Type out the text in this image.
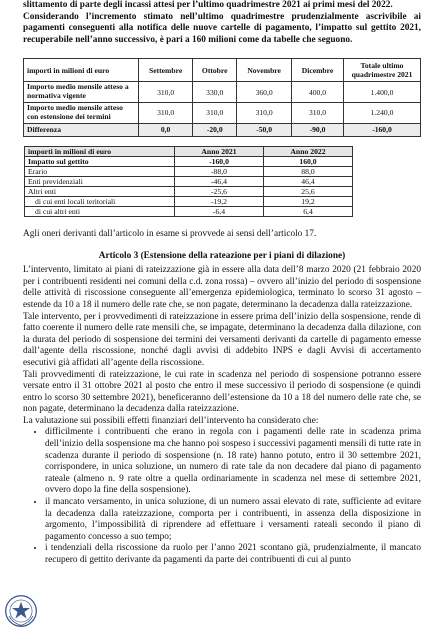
slittamento di parte degli incassi attesi per l’ultimo quadrimestre 2021 ai primi mesi del 2022.

Considerando l’incremento stimato nell’ultimo quadrimestre prudenzialmente ascrivibile ai pagamenti conseguenti alla notifica delle nuove cartelle di pagamento, l’impatto sul gettito 2021, recuperabile nell’anno successivo, è pari a 160 milioni come da tabelle che seguono.

importi in milioni di euro	Settembre	Ottobre	Novembre	Dicembre	Totale ultimo quadrimestre 2021
Importo medio mensile atteso a normativa vigente	310,0	330,0	360,0	400,0	1.400,0
Importo medio mensile atteso con estensione dei termini	310,0	310,0	310,0	310,0	1.240,0
Differenza	0,0	-20,0	-50,0	-90,0	-160,0
importi in milioni di euro	Anno 2021	Anno 2022
Impatto sul gettito	-160,0	160,0
Erario	-88,0	88,0
Enti previdenziali	-46,4	46,4
Altri enti	-25,6	25,6
di cui enti locali teritoriali	-19,2	19,2
di cui altri enti	-6,4	6,4

Agli oneri derivanti dall’articolo in esame si provvede ai sensi dell’articolo 17.

Articolo 3 (Estensione della rateazione per i piani di dilazione)

L’intervento, limitato ai piani di rateizzazione già in essere alla data dell’8 marzo 2020 (21 febbraio 2020 per i contribuenti residenti nei comuni della c.d. zona rossa) – ovvero all’inizio del periodo di sospensione delle attività di riscossione conseguente all’emergenza epidemiologica, terminato lo scorso 31 agosto – estende da 10 a 18 il numero delle rate che, se non pagate, determinano la decadenza dalla rateizzazione.

Tale intervento, per i provvedimenti di rateizzazione in essere prima dell’inizio della sospensione, rende di fatto coerente il numero delle rate mensili che, se impagate, determinano la decadenza dalla dilazione, con la durata del periodo di sospensione dei termini dei versamenti derivanti da cartelle di pagamento emesse dall’agente della riscossione, nonché dagli avvisi di addebito INPS e dagli Avvisi di accertamento esecutivi già affidati all’agente della riscossione.

Tali provvedimenti di rateizzazione, le cui rate in scadenza nel periodo di sospensione potranno essere versate entro il 31 ottobre 2021 al posto che entro il mese successivo il periodo di sospensione (e quindi entro lo scorso 30 settembre 2021), beneficeranno dell’estensione da 10 a 18 del numero delle rate che, se non pagate, determinano la decadenza dalla rateizzazione.

La valutazione sui possibili effetti finanziari dell’intervento ha considerato che:

• difficilmente i contribuenti che erano in regola con i pagamenti delle rate in scadenza prima dell’inizio della sospensione ma che hanno poi sospeso i successivi pagamenti mensili di tutte rate in scadenza durante il periodo di sospensione (n. 18 rate) hanno potuto, entro il 30 settembre 2021, corrispondere, in unica soluzione, un numero di rate tale da non decadere dal piano di pagamento rateale (almeno n. 9 rate oltre a quella ordinariamente in scadenza nel mese di settembre 2021, ovvero dopo la fine della sospensione).
• il mancato versamento, in unica soluzione, di un numero assai elevato di rate, sufficiente ad evitare la decadenza dalla rateizzazione, comporta per i contribuenti, in assenza della disposizione in argomento, l’impossibilità di riprendere ad effettuare i versamenti rateali secondo il piano di pagamento concesso a suo tempo;
• i tendenziali della riscossione da ruolo per l’anno 2021 scontano già, prudenzialmente, il mancato recupero di gettito derivante da pagamenti da parte dei contribuenti di cui al punto
